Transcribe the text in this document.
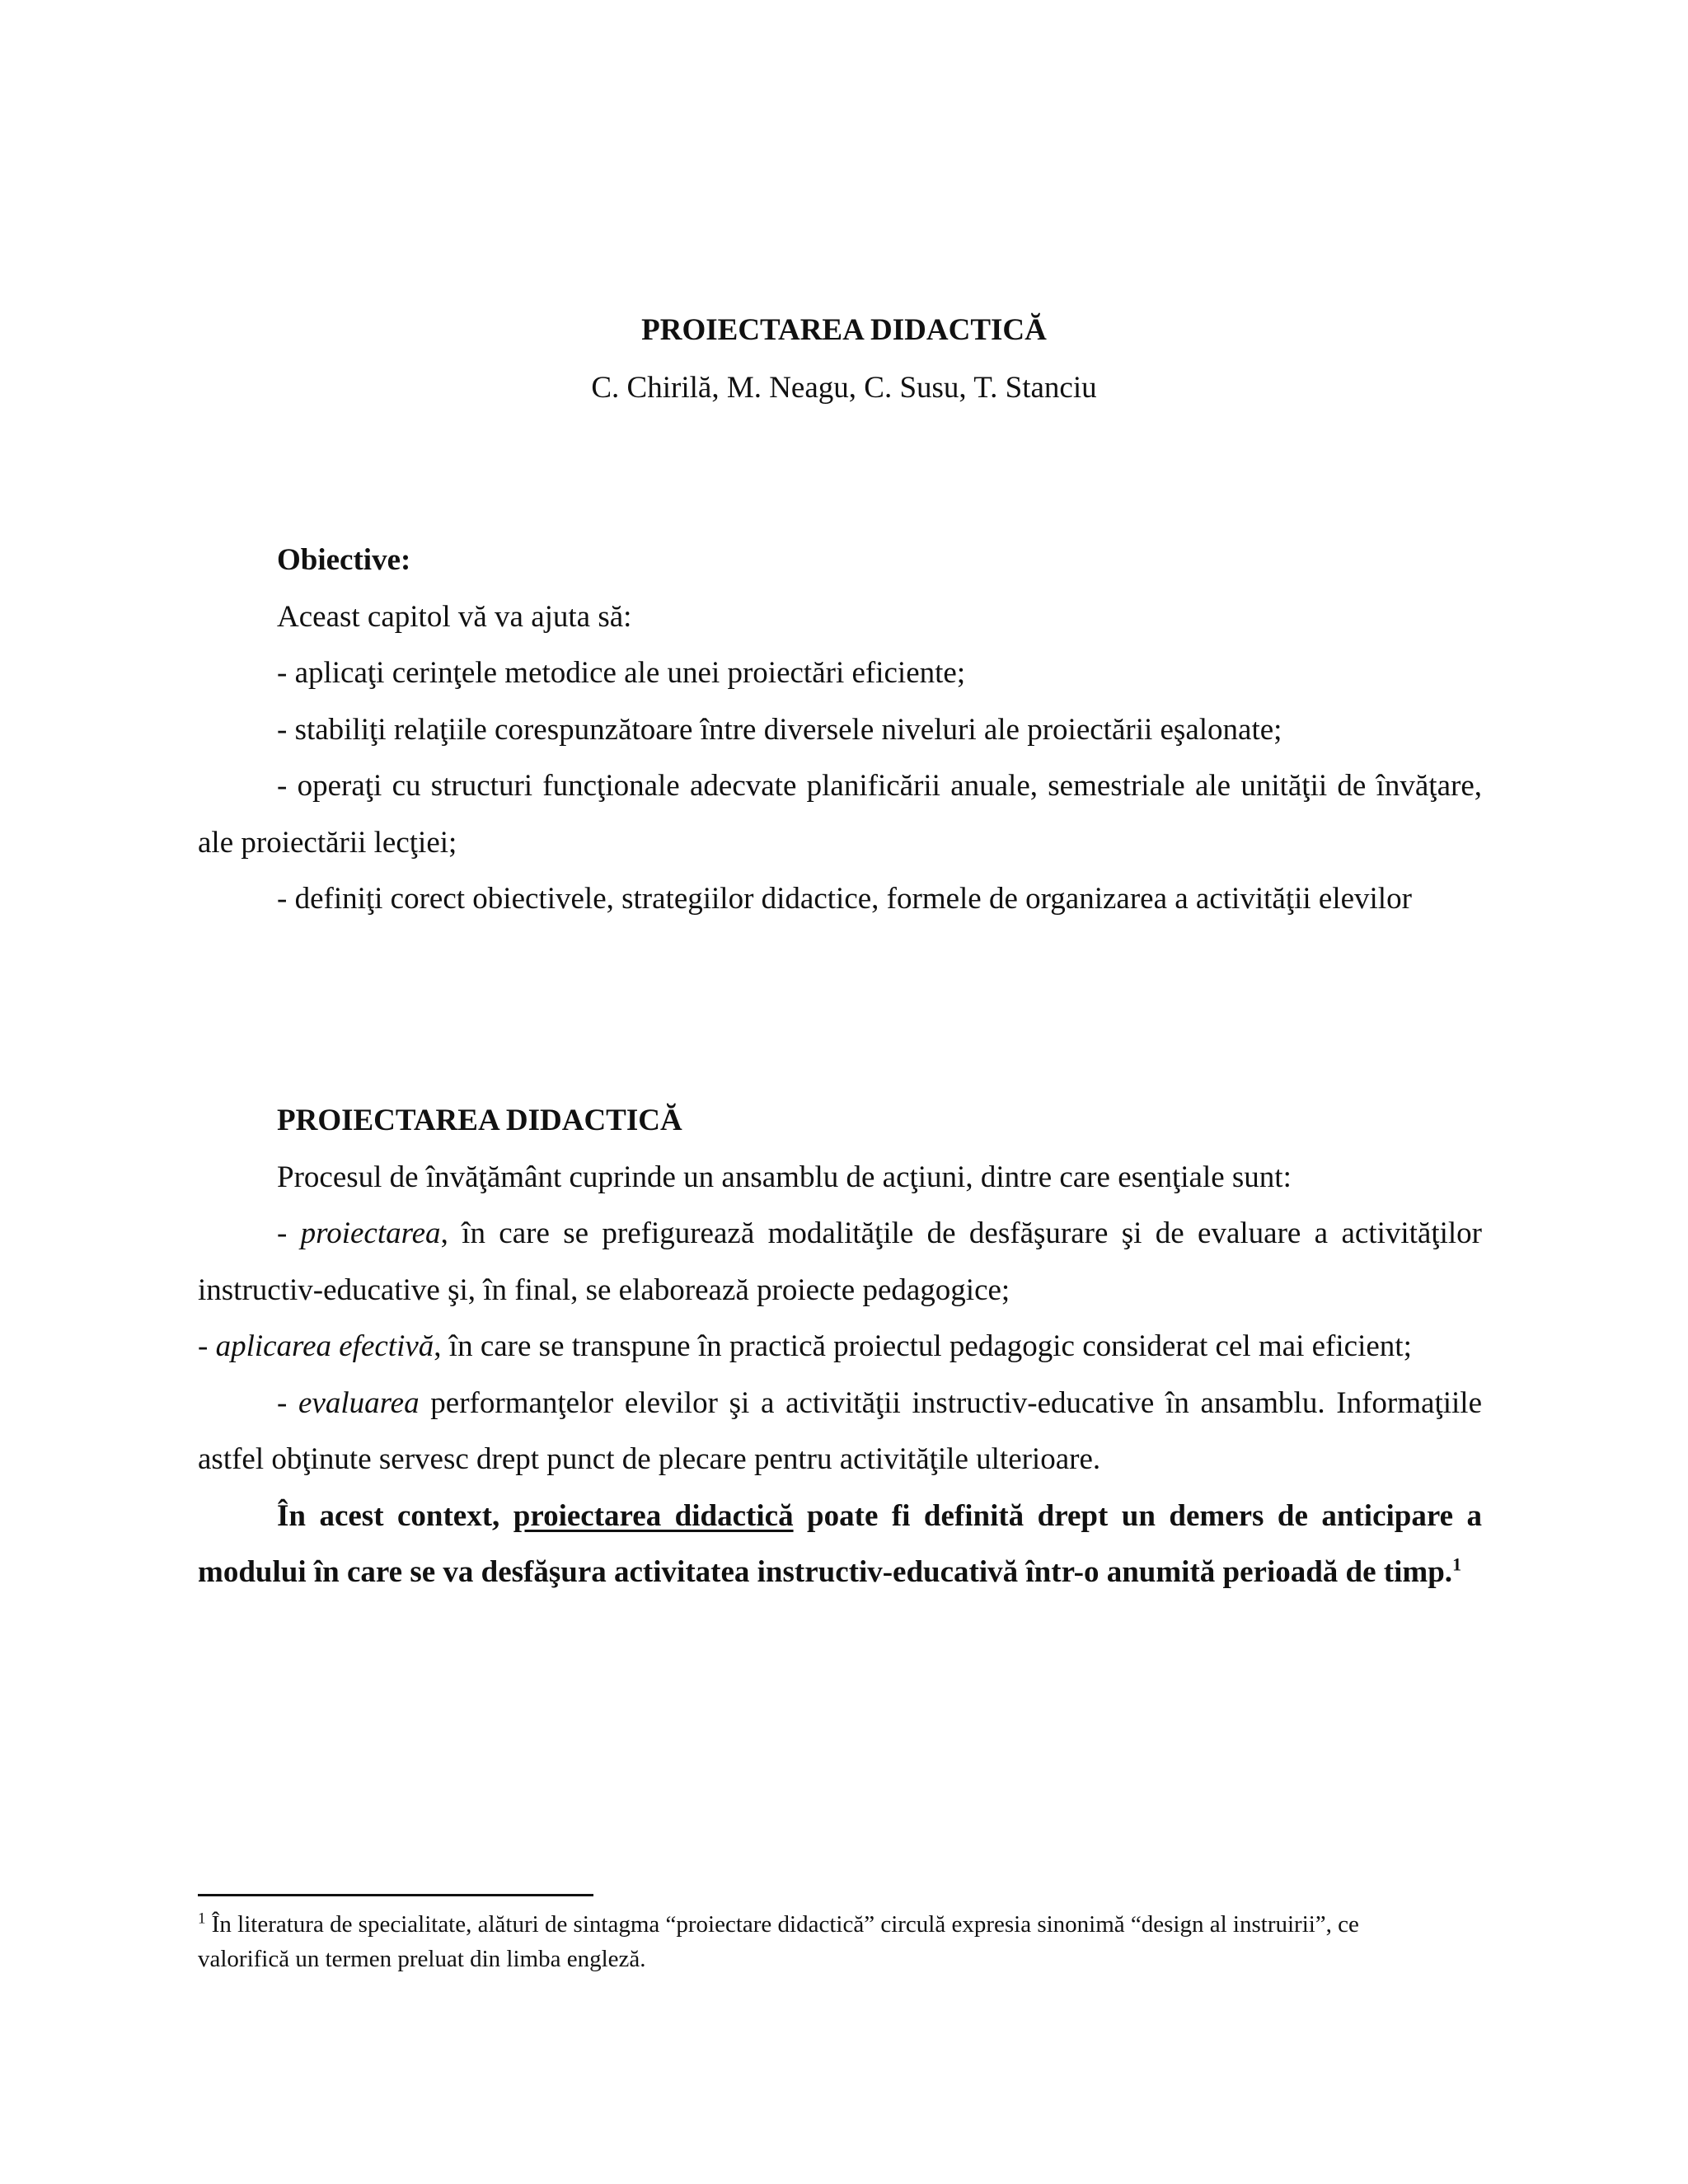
PROIECTAREA DIDACTICĂ
C. Chirilă, M. Neagu, C. Susu, T. Stanciu

Obiective:

Aceast capitol vă va ajuta să:

- aplicaţi cerinţele metodice ale unei proiectări eficiente;

- stabiliţi relaţiile corespunzătoare între diversele niveluri ale proiectării eşalonate;

- operaţi cu structuri funcţionale adecvate planificării anuale, semestriale ale unităţii de învăţare, ale proiectării lecţiei;

- definiţi corect obiectivele, strategiilor didactice, formele de organizarea a activităţii elevilor

PROIECTAREA DIDACTICĂ

Procesul de învăţământ cuprinde un ansamblu de acţiuni, dintre care esenţiale sunt:

- proiectarea, în care se prefigurează modalităţile de desfăşurare şi de evaluare a activităţilor instructiv-educative şi, în final, se elaborează proiecte pedagogice;

- aplicarea efectivă, în care se transpune în practică proiectul pedagogic considerat cel mai eficient;

- evaluarea performanţelor elevilor şi a activităţii instructiv-educative în ansamblu. Informaţiile astfel obţinute servesc drept punct de plecare pentru activităţile ulterioare.

În acest context, proiectarea didactică poate fi definită drept un demers de anticipare a modului în care se va desfăşura activitatea instructiv-educativă într-o anumită perioadă de timp.$^1$

$^1$ În literatura de specialitate, alături de sintagma “proiectare didactică” circulă expresia sinonimă “design al instruirii”, ce valorifică un termen preluat din limba engleză.
